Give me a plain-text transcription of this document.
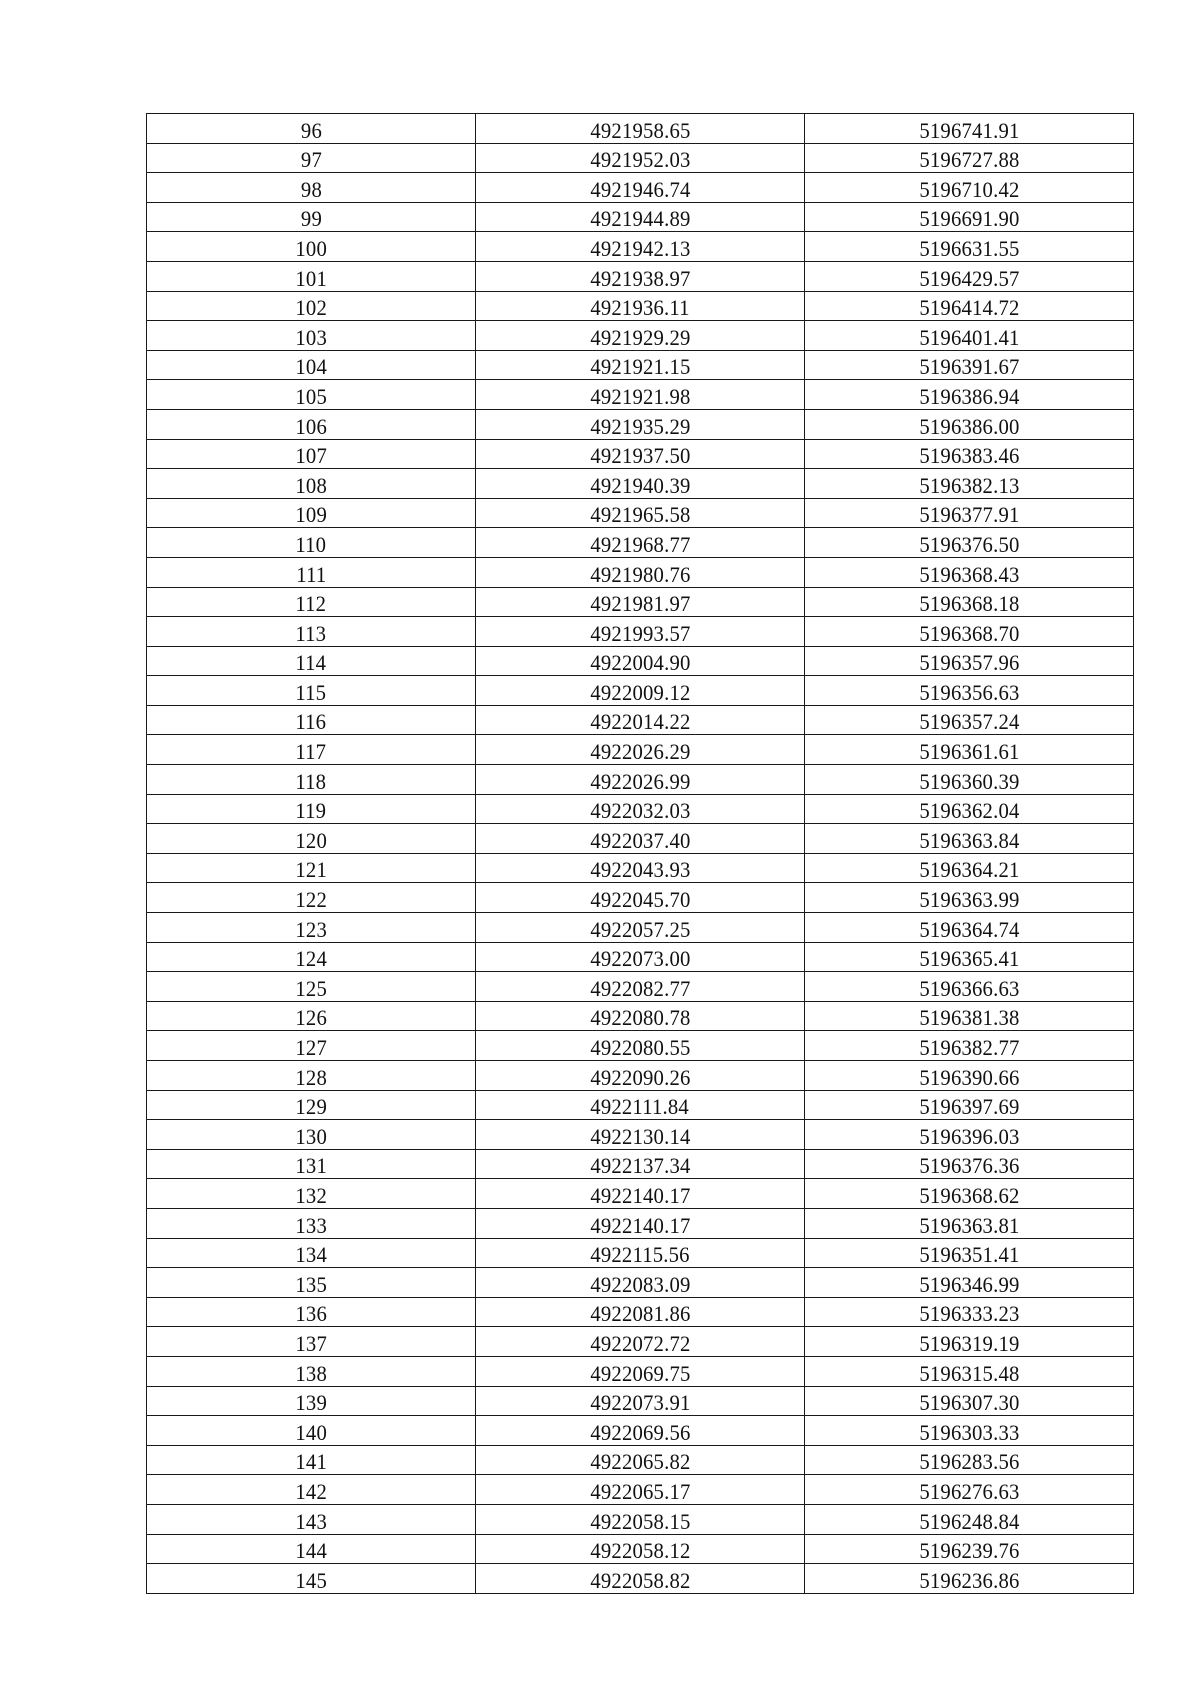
96	4921958.65	5196741.91
97	4921952.03	5196727.88
98	4921946.74	5196710.42
99	4921944.89	5196691.90
100	4921942.13	5196631.55
101	4921938.97	5196429.57
102	4921936.11	5196414.72
103	4921929.29	5196401.41
104	4921921.15	5196391.67
105	4921921.98	5196386.94
106	4921935.29	5196386.00
107	4921937.50	5196383.46
108	4921940.39	5196382.13
109	4921965.58	5196377.91
110	4921968.77	5196376.50
111	4921980.76	5196368.43
112	4921981.97	5196368.18
113	4921993.57	5196368.70
114	4922004.90	5196357.96
115	4922009.12	5196356.63
116	4922014.22	5196357.24
117	4922026.29	5196361.61
118	4922026.99	5196360.39
119	4922032.03	5196362.04
120	4922037.40	5196363.84
121	4922043.93	5196364.21
122	4922045.70	5196363.99
123	4922057.25	5196364.74
124	4922073.00	5196365.41
125	4922082.77	5196366.63
126	4922080.78	5196381.38
127	4922080.55	5196382.77
128	4922090.26	5196390.66
129	4922111.84	5196397.69
130	4922130.14	5196396.03
131	4922137.34	5196376.36
132	4922140.17	5196368.62
133	4922140.17	5196363.81
134	4922115.56	5196351.41
135	4922083.09	5196346.99
136	4922081.86	5196333.23
137	4922072.72	5196319.19
138	4922069.75	5196315.48
139	4922073.91	5196307.30
140	4922069.56	5196303.33
141	4922065.82	5196283.56
142	4922065.17	5196276.63
143	4922058.15	5196248.84
144	4922058.12	5196239.76
145	4922058.82	5196236.86
